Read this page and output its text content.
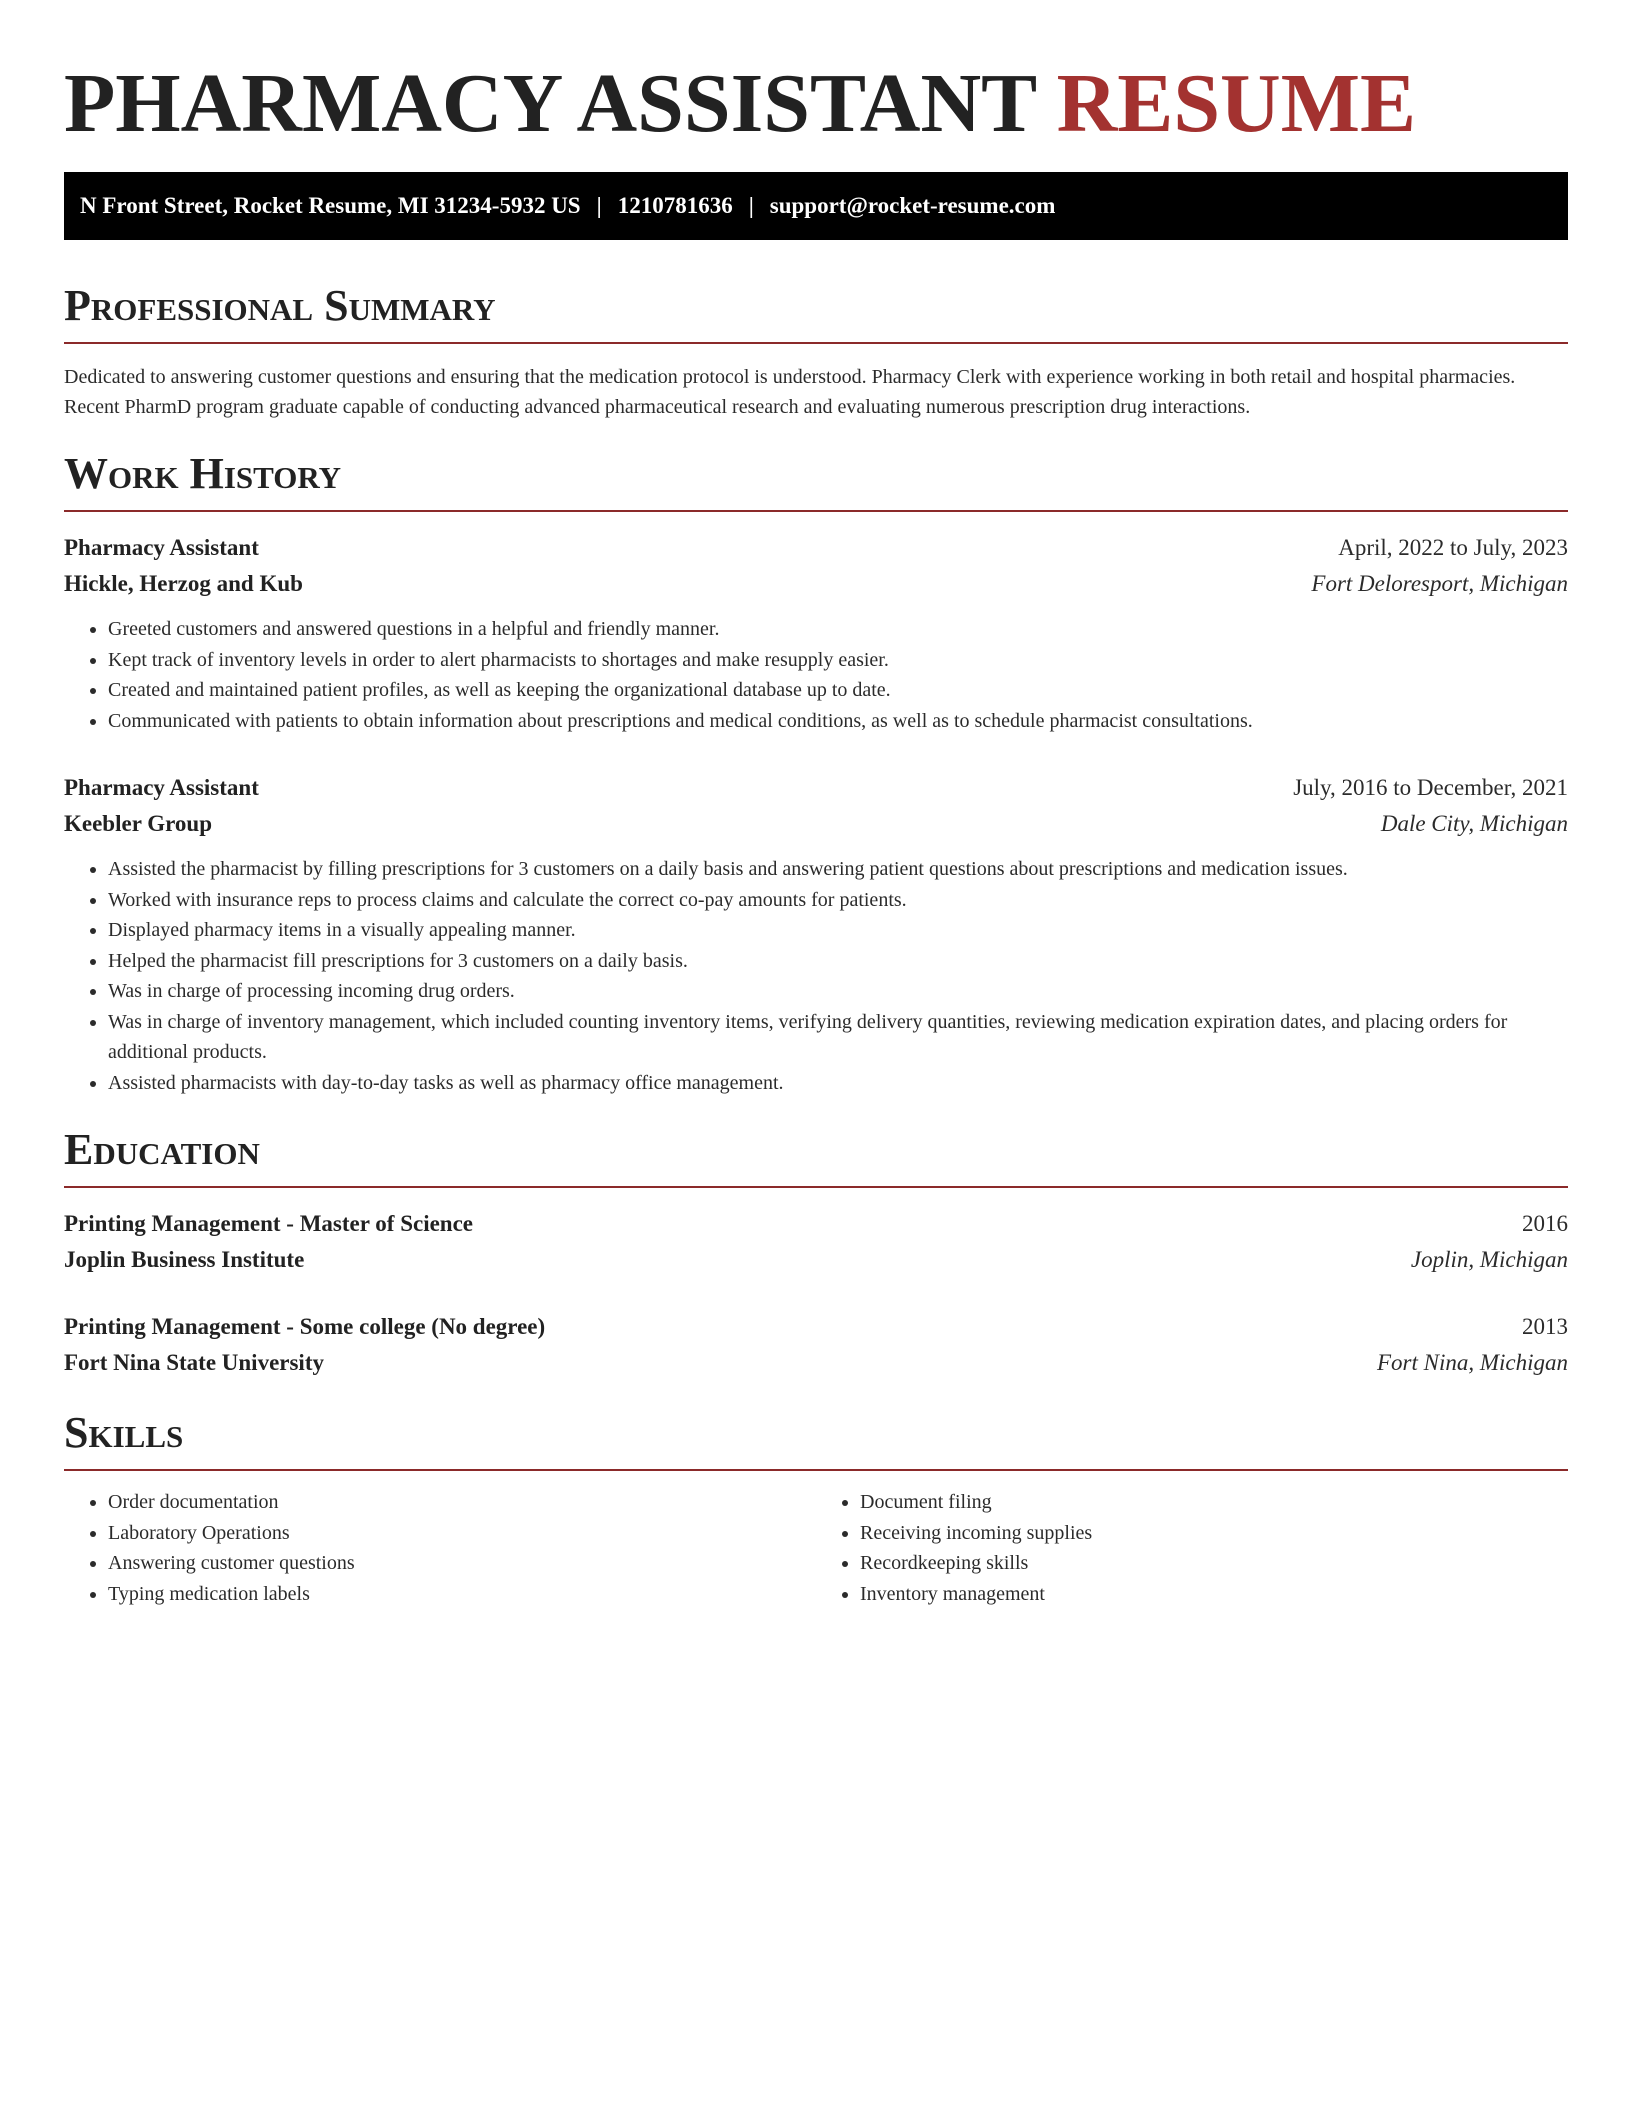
PHARMACY ASSISTANT RESUME
N Front Street, Rocket Resume, MI 31234-5932 US | 1210781636 | support@rocket-resume.com
Professional Summary

Dedicated to answering customer questions and ensuring that the medication protocol is understood. Pharmacy Clerk with experience working in both retail and hospital pharmacies. Recent PharmD program graduate capable of conducting advanced pharmaceutical research and evaluating numerous prescription drug interactions.

Work History
Pharmacy Assistant	April, 2022 to July, 2023
Hickle, Herzog and Kub	Fort Deloresport, Michigan
• Greeted customers and answered questions in a helpful and friendly manner.
• Kept track of inventory levels in order to alert pharmacists to shortages and make resupply easier.
• Created and maintained patient profiles, as well as keeping the organizational database up to date.
• Communicated with patients to obtain information about prescriptions and medical conditions, as well as to schedule pharmacist consultations.
Pharmacy Assistant	July, 2016 to December, 2021
Keebler Group	Dale City, Michigan
• Assisted the pharmacist by filling prescriptions for 3 customers on a daily basis and answering patient questions about prescriptions and medication issues.
• Worked with insurance reps to process claims and calculate the correct co-pay amounts for patients.
• Displayed pharmacy items in a visually appealing manner.
• Helped the pharmacist fill prescriptions for 3 customers on a daily basis.
• Was in charge of processing incoming drug orders.
• Was in charge of inventory management, which included counting inventory items, verifying delivery quantities, reviewing medication expiration dates, and placing orders for additional products.
• Assisted pharmacists with day-to-day tasks as well as pharmacy office management.
Education
Printing Management - Master of Science	2016
Joplin Business Institute	Joplin, Michigan
Printing Management - Some college (No degree)	2013
Fort Nina State University	Fort Nina, Michigan
Skills
• Order documentation
• Laboratory Operations
• Answering customer questions
• Typing medication labels
• Document filing
• Receiving incoming supplies
• Recordkeeping skills
• Inventory management
